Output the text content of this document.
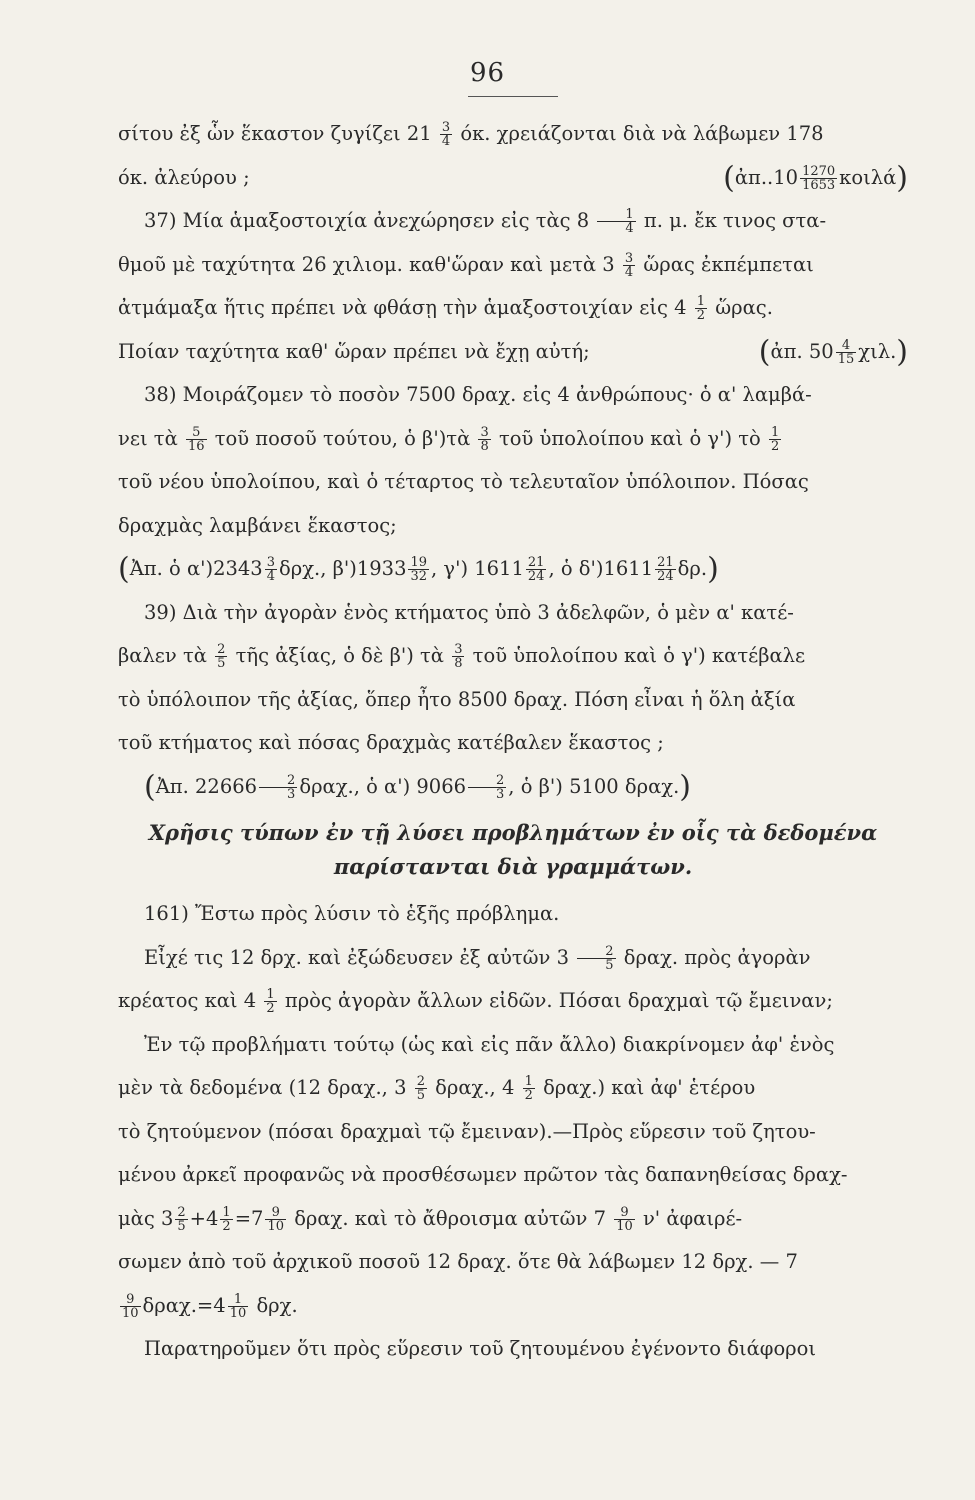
96

σίτου ἐξ ὧν ἕκαστον ζυγίζει $21 \frac{3}{4} ό\kappa$. χρειάζονται διὰ νὰ λάβωμεν 178

όκ. ἀλεύρου ;	(ἀπ..10 $\frac{1270}{1653} \kappa o\iota\lambda ά$)

37) Μία ἁμαξοστοιχία ἀνεχώρησεν εἰς τὰς $8 \frac{1}{4} \pi$. μ. ἔκ τινος στα-

θμοῦ μὲ ταχύτητα 26 χιλιομ. καθ'ὥραν καὶ μετὰ $3 \frac{3}{4}$ ὥρας ἐκπέμπεται

ἀτμάμαξα ἥτις πρέπει νὰ φθάσῃ τὴν ἁμαξοστοιχίαν εἰς $4 \frac{1}{2}$ ὥρας.

Ποίαν ταχύτητα καθ' ὥραν πρέπει νὰ ἔχῃ αὐτή;	(ἀπ. $50 \frac{4}{15} \chi\iota\lambda$.)

38) Μοιράζομεν τὸ ποσὸν 7500 δραχ. εἰς 4 ἀνθρώπους· ὁ α' λαμβά-

νει τὰ $\frac{5}{16}$ τοῦ ποσοῦ τούτου, ὁ β')τὰ $\frac{3}{8}$ τοῦ ὑπολοίπου καὶ ὁ γ') τὸ $\frac{1}{2}$

τοῦ νέου ὑπολοίπου, καὶ ὁ τέταρτος τὸ τελευταῖον ὑπόλοιπον. Πόσας

δραχμὰς λαμβάνει ἕκαστος;

(Ἀπ. ὁ $\alpha')2343 \frac{3}{4} \delta\rho\chi$., $\beta')1933 \frac{19}{32}$ , γ') $1611 \frac{21}{24}$ , ὁ $\delta')1611 \frac{21}{24} \delta\rho$.)

39) Διὰ τὴν ἀγορὰν ἑνὸς κτήματος ὑπὸ 3 ἀδελφῶν, ὁ μὲν α' κατέ-

βαλεν τὰ $\frac{2}{5}$ τῆς ἀξίας, ὁ δὲ β') τὰ $\frac{3}{8}$ τοῦ ὑπολοίπου καὶ ὁ γ') κατέβαλε

τὸ ὑπόλοιπον τῆς ἀξίας, ὅπερ ἦτο 8500 δραχ. Πόση εἶναι ἡ ὅλη ἀξία

τοῦ κτήματος καὶ πόσας δραχμὰς κατέβαλεν ἕκαστος ;

(Ἀπ. $22666 \frac{2}{3} \delta\rho\alpha\chi$., ὁ α') $9066 \frac{2}{3}$ , ὁ β') 5100 δραχ.)

Χρῆσις τύπων ἐν τῇ λύσει προβλημάτων ἐν οἷς τὰ δεδομένα
παρίστανται διὰ γραμμάτων.

161) Ἔστω πρὸς λύσιν τὸ ἑξῆς πρόβλημα.

Εἶχέ τις 12 δρχ. καὶ ἐξώδευσεν ἐξ αὐτῶν $3 \frac{2}{5} \delta\rho\alpha\chi$. πρὸς ἀγορὰν

κρέατος καὶ $4 \frac{1}{2}$ πρὸς ἀγορὰν ἄλλων εἰδῶν. Πόσαι δραχμαὶ τῷ ἔμειναν;

Ἐν τῷ προβλήματι τούτῳ (ὡς καὶ εἰς πᾶν ἄλλο) διακρίνομεν ἀφ' ἑνὸς

μὲν τὰ δεδομένα (12 δραχ., $3 \frac{2}{5} \delta\rho\alpha\chi$., $4 \frac{1}{2} \delta\rho\alpha\chi$.) καὶ ἀφ' ἑτέρου

τὸ ζητούμενον (πόσαι δραχμαὶ τῷ ἔμειναν).—Πρὸς εὕρεσιν τοῦ ζητου-

μένου ἀρκεῖ προφανῶς νὰ προσθέσωμεν πρῶτον τὰς δαπανηθείσας δραχ-

μὰς $3 \frac{2}{5} +4 \frac{1}{2} =7 \frac{9}{10} \delta\rho\alpha\chi$. καὶ τὸ ἄθροισμα αὐτῶν $7 \frac{9}{10} \nu'$ ἀφαιρέ-

σωμεν ἀπὸ τοῦ ἀρχικοῦ ποσοῦ 12 δραχ. ὅτε θὰ λάβωμεν 12 δρχ. — 7

$\frac{9}{10} \delta\rho\alpha\chi.=4 \frac{1}{10} \delta\rho\chi$.

Παρατηροῦμεν ὅτι πρὸς εὕρεσιν τοῦ ζητουμένου ἐγένοντο διάφοροι
